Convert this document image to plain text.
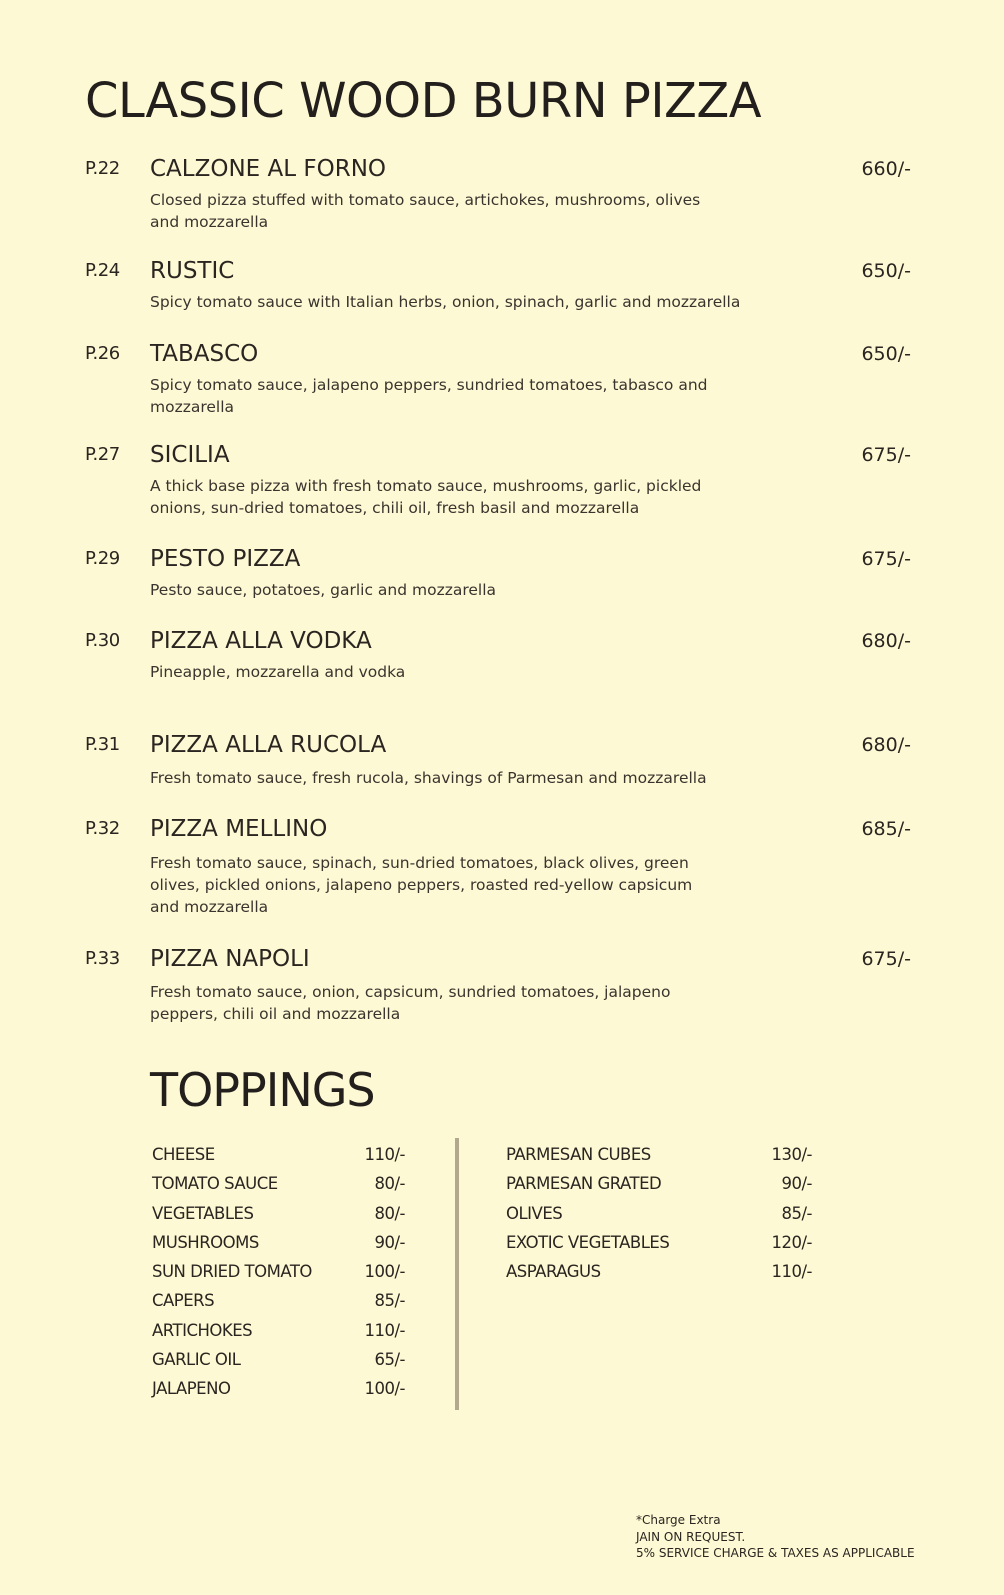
CLASSIC WOOD BURN PIZZA
P.22 CALZONE AL FORNO	660/-
Closed pizza stuffed with tomato sauce, artichokes, mushrooms, olives and mozzarella
P.24 RUSTIC	650/-
Spicy tomato sauce with Italian herbs, onion, spinach, garlic and mozzarella
P.26 TABASCO	650/-
Spicy tomato sauce, jalapeno peppers, sundried tomatoes, tabasco and mozzarella
P.27 SICILIA	675/-
A thick base pizza with fresh tomato sauce, mushrooms, garlic, pickled onions, sun-dried tomatoes, chili oil, fresh basil and mozzarella
P.29 PESTO PIZZA	675/-
Pesto sauce, potatoes, garlic and mozzarella
P.30 PIZZA ALLA VODKA	680/-
Pineapple, mozzarella and vodka
P.31 PIZZA ALLA RUCOLA	680/-
Fresh tomato sauce, fresh rucola, shavings of Parmesan and mozzarella
P.32 PIZZA MELLINO	685/-
Fresh tomato sauce, spinach, sun-dried tomatoes, black olives, green olives, pickled onions, jalapeno peppers, roasted red-yellow capsicum and mozzarella
P.33 PIZZA NAPOLI	675/-
Fresh tomato sauce, onion, capsicum, sundried tomatoes, jalapeno peppers, chili oil and mozzarella
TOPPINGS
CHEESE	110/-
TOMATO SAUCE	80/-
VEGETABLES	80/-
MUSHROOMS	90/-
SUN DRIED TOMATO	100/-
CAPERS	85/-
ARTICHOKES	110/-
GARLIC OIL	65/-
JALAPENO	100/-
PARMESAN CUBES	130/-
PARMESAN GRATED	90/-
OLIVES	85/-
EXOTIC VEGETABLES	120/-
ASPARAGUS	110/-
*Charge Extra
JAIN ON REQUEST.
5% SERVICE CHARGE & TAXES AS APPLICABLE
